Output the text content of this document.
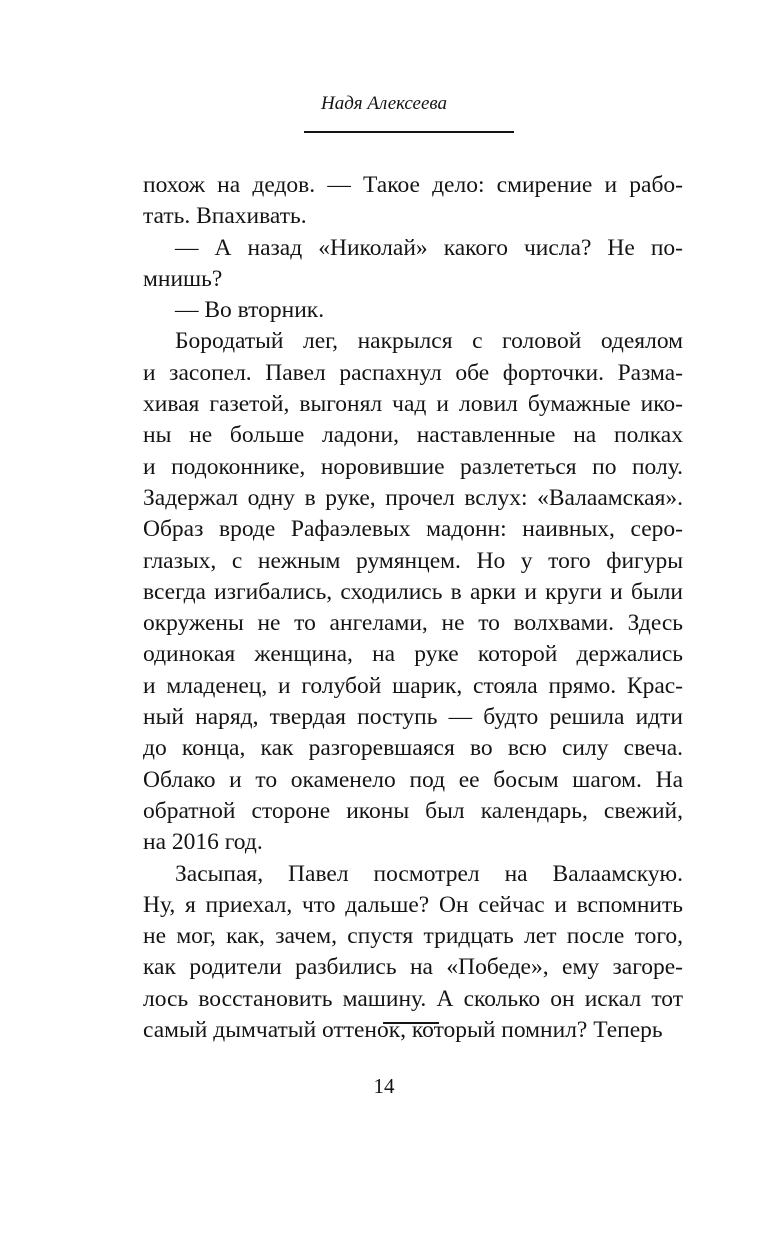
Надя Алексеева
похож на дедов. — Такое дело: смирение и рабо-
тать. Впахивать.
— А назад «Николай» какого числа? Не по-
мнишь?
— Во вторник.
Бородатый лег, накрылся с головой одеялом
и засопел. Павел распахнул обе форточки. Разма-
хивая газетой, выгонял чад и ловил бумажные ико-
ны не больше ладони, наставленные на полках
и подоконнике, норовившие разлететься по полу.
Задержал одну в руке, прочел вслух: «Валаамская».
Образ вроде Рафаэлевых мадонн: наивных, серо-
глазых, с нежным румянцем. Но у того фигуры
всегда изгибались, сходились в арки и круги и были
окружены не то ангелами, не то волхвами. Здесь
одинокая женщина, на руке которой держались
и младенец, и голубой шарик, стояла прямо. Крас-
ный наряд, твердая поступь — будто решила идти
до конца, как разгоревшаяся во всю силу свеча.
Облако и то окаменело под ее босым шагом. На
обратной стороне иконы был календарь, свежий,
на 2016 год.
Засыпая, Павел посмотрел на Валаамскую.
Ну, я приехал, что дальше? Он сейчас и вспомнить
не мог, как, зачем, спустя тридцать лет после того,
как родители разбились на «Победе», ему загоре-
лось восстановить машину. А сколько он искал тот
самый дымчатый оттенок, который помнил? Теперь
14
